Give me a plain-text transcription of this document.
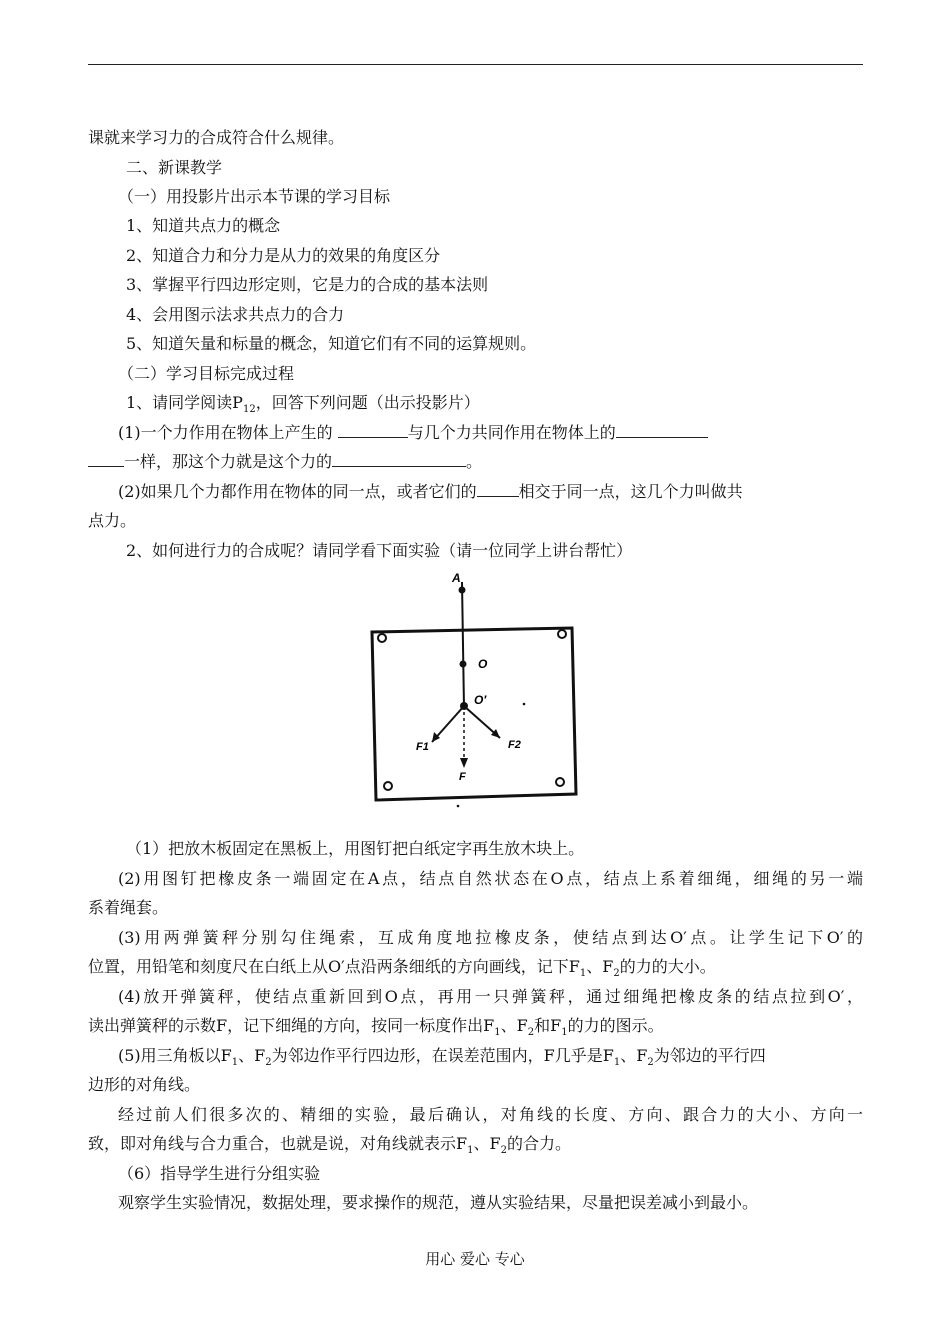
课就来学习力的合成符合什么规律。
二、新课教学
（一）用投影片出示本节课的学习目标
1、知道共点力的概念
2、知道合力和分力是从力的效果的角度区分
3、掌握平行四边形定则，它是力的合成的基本法则
4、会用图示法求共点力的合力
5、知道矢量和标量的概念，知道它们有不同的运算规则。
（二）学习目标完成过程
1、请同学阅读$P_{12}$，回答下列问题（出示投影片）
(1)一个力作用在物体上产生的	与几个力共同作用在物体上的
一样，那这个力就是这个力的	。
(2)如果几个力都作用在物体的同一点，或者它们的	相交于同一点，这几个力叫做共
点力。
2、如何进行力的合成呢？请同学看下面实验（请一位同学上讲台帮忙）
A
O
O′
F1	F2
F
（1）把放木板固定在黑板上，用图钉把白纸定字再生放木块上。
(2)用图钉把橡皮条一端固定在A点，结点自然状态在O点，结点上系着细绳，细绳的另一端
系着绳套。
(3)用两弹簧秤分别勾住绳索，互成角度地拉橡皮条，使结点到达O′点。让学生记下O′的
位置，用铅笔和刻度尺在白纸上从O′点沿两条细纸的方向画线，记下$F_1$、$F_2$的力的大小。
(4)放开弹簧秤，使结点重新回到O点，再用一只弹簧秤，通过细绳把橡皮条的结点拉到O′，
读出弹簧秤的示数F，记下细绳的方向，按同一标度作出$F_1$、$F_2$和$F_1$的力的图示。
(5)用三角板以$F_1$、$F_2$为邻边作平行四边形，在误差范围内，F几乎是$F_1$、$F_2$为邻边的平行四
边形的对角线。
经过前人们很多次的、精细的实验，最后确认，对角线的长度、方向、跟合力的大小、方向一
致，即对角线与合力重合，也就是说，对角线就表示$F_1$、$F_2$的合力。
（6）指导学生进行分组实验
观察学生实验情况，数据处理，要求操作的规范，遵从实验结果，尽量把误差减小到最小。
用心 爱心 专心
